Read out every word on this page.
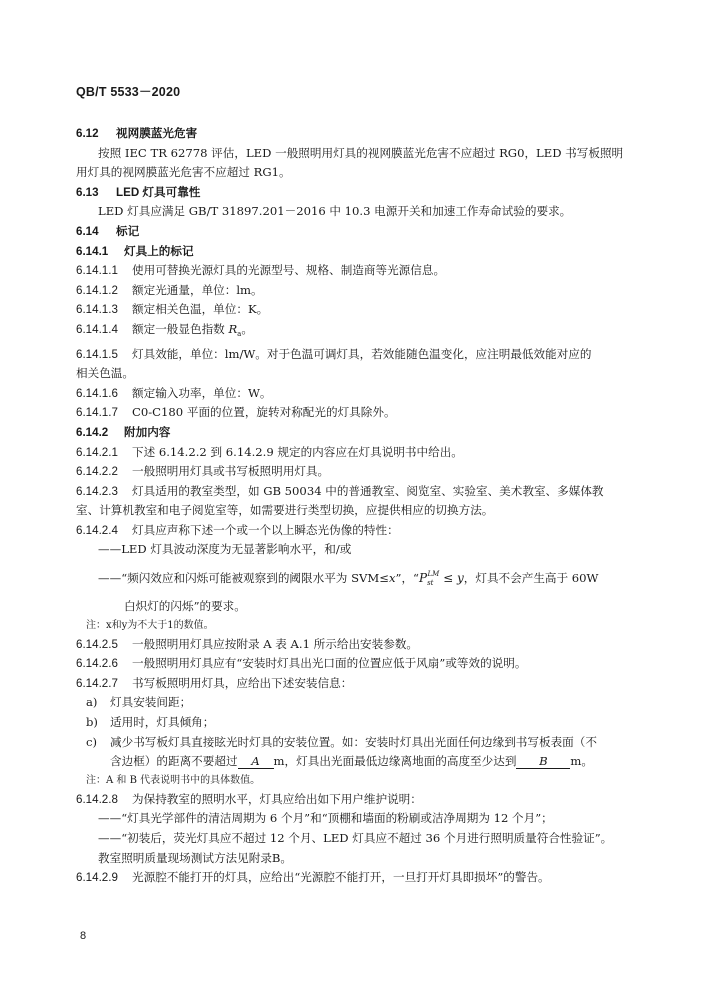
QB/T 5533－2020

6.12 视网膜蓝光危害

按照 IEC TR 62778 评估，LED 一般照明用灯具的视网膜蓝光危害不应超过 RG0，LED 书写板照明

用灯具的视网膜蓝光危害不应超过 RG1。

6.13 LED 灯具可靠性

LED 灯具应满足 GB/T 31897.201－2016 中 10.3 电源开关和加速工作寿命试验的要求。

6.14 标记

6.14.1 灯具上的标记

6.14.1.1 使用可替换光源灯具的光源型号、规格、制造商等光源信息。

6.14.1.2 额定光通量，单位：lm。

6.14.1.3 额定相关色温，单位：K。

6.14.1.4 额定一般显色指数 $R_a$。

6.14.1.5 灯具效能，单位：lm/W。对于色温可调灯具，若效能随色温变化，应注明最低效能对应的

相关色温。

6.14.1.6 额定输入功率，单位：W。

6.14.1.7 C0-C180 平面的位置，旋转对称配光的灯具除外。

6.14.2 附加内容

6.14.2.1 下述 6.14.2.2 到 6.14.2.9 规定的内容应在灯具说明书中给出。

6.14.2.2 一般照明用灯具或书写板照明用灯具。

6.14.2.3 灯具适用的教室类型，如 GB 50034 中的普通教室、阅览室、实验室、美术教室、多媒体教

室、计算机教室和电子阅览室等，如需要进行类型切换，应提供相应的切换方法。

6.14.2.4 灯具应声称下述一个或一个以上瞬态光伪像的特性：

——LED 灯具波动深度为无显著影响水平，和/或

——“频闪效应和闪烁可能被观察到的阈限水平为 SVM≤x”，“$P_{st}^{LM} \le y$，灯具不会产生高于 60W

白炽灯的闪烁”的要求。

注：x和y为不大于1的数值。

6.14.2.5 一般照明用灯具应按附录 A 表 A.1 所示给出安装参数。

6.14.2.6 一般照明用灯具应有“安装时灯具出光口面的位置应低于风扇”或等效的说明。

6.14.2.7 书写板照明用灯具，应给出下述安装信息：

a) 灯具安装间距；

b) 适用时，灯具倾角；

c) 减少书写板灯具直接眩光时灯具的安装位置。如：安装时灯具出光面任何边缘到书写板表面（不

含边框）的距离不要超过 A m，灯具出光面最低边缘离地面的高度至少达到 B m。

注：A 和 B 代表说明书中的具体数值。

6.14.2.8 为保持教室的照明水平，灯具应给出如下用户维护说明：

——“灯具光学部件的清洁周期为 6 个月”和“顶棚和墙面的粉刷或洁净周期为 12 个月”；

——“初装后，荧光灯具应不超过 12 个月、LED 灯具应不超过 36 个月进行照明质量符合性验证”。

教室照明质量现场测试方法见附录B。

6.14.2.9 光源腔不能打开的灯具，应给出“光源腔不能打开，一旦打开灯具即损坏”的警告。

8
